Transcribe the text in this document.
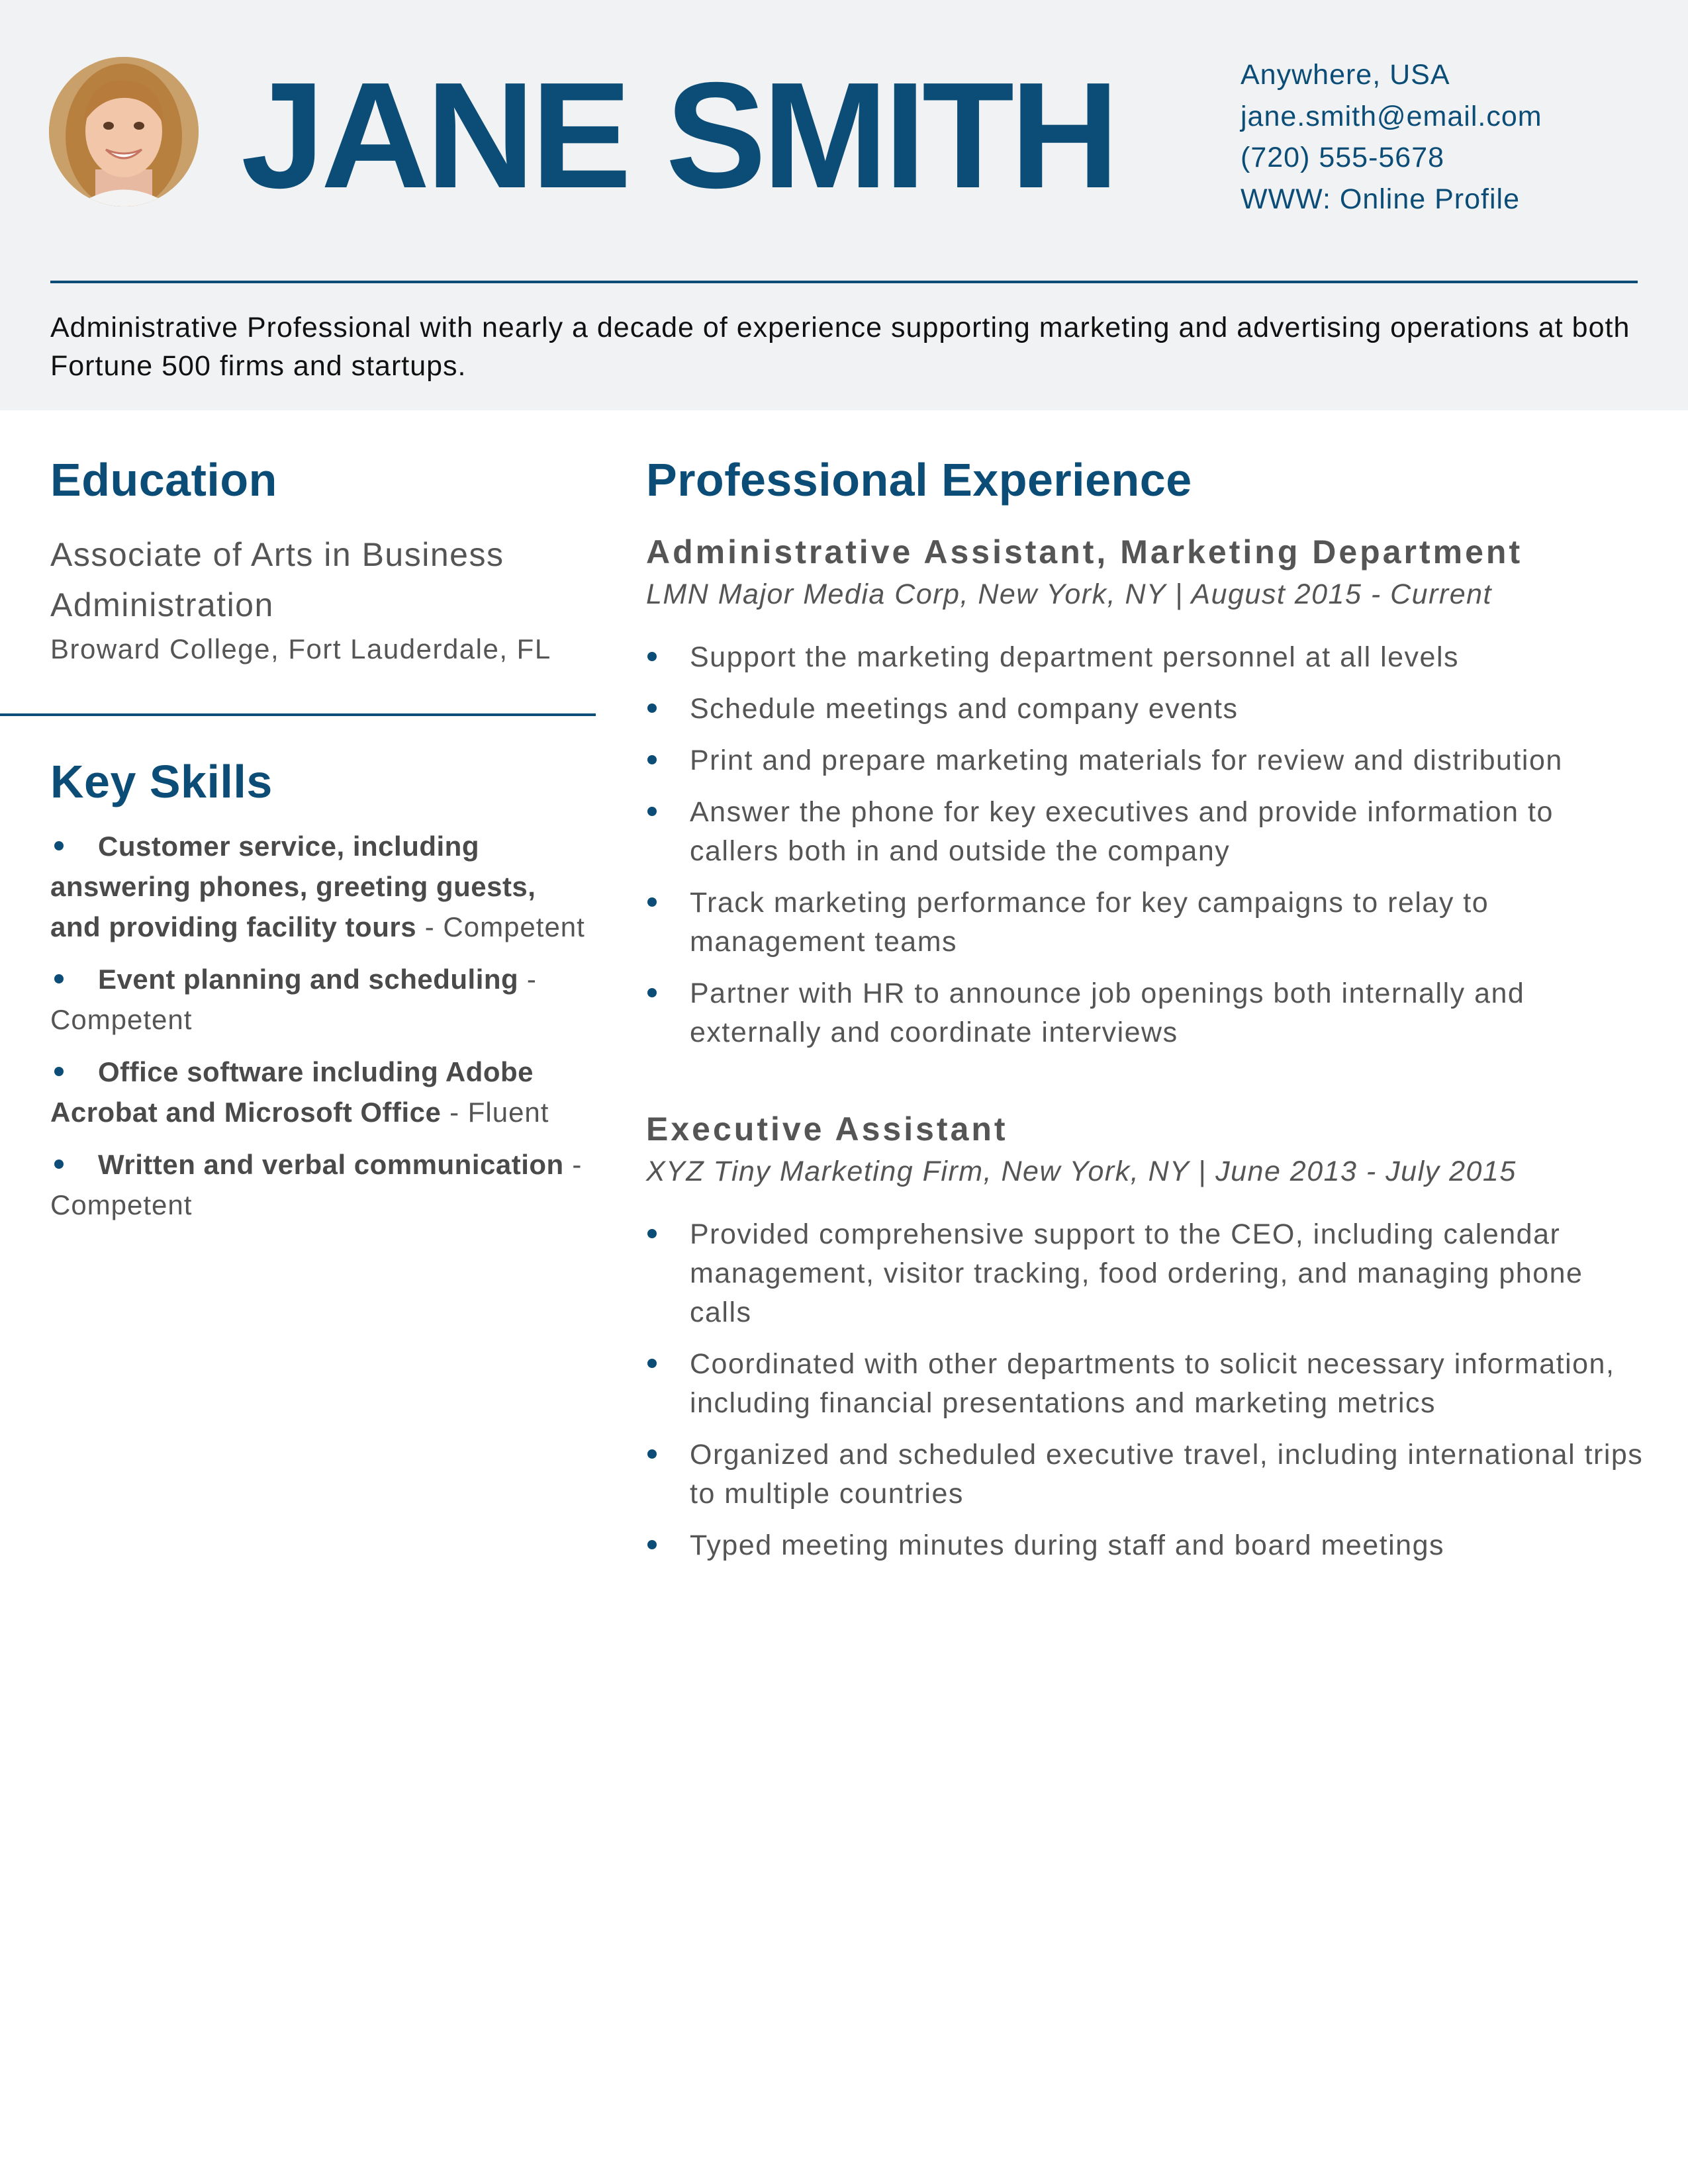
JANE SMITH	Anywhere, USA
jane.smith@email.com
(720) 555-5678
WWW: Online Profile
Administrative Professional with nearly a decade of experience supporting marketing and advertising operations at both Fortune 500 firms and startups.
Education
Associate of Arts in Business Administration
Broward College, Fort Lauderdale, FL
Key Skills
Customer service, including answering phones, greeting guests, and providing facility tours - Competent
Event planning and scheduling - Competent
Office software including Adobe Acrobat and Microsoft Office - Fluent
Written and verbal communication - Competent
Professional Experience
Administrative Assistant, Marketing Department
LMN Major Media Corp, New York, NY | August 2015 - Current
Support the marketing department personnel at all levels
Schedule meetings and company events
Print and prepare marketing materials for review and distribution
Answer the phone for key executives and provide information to callers both in and outside the company
Track marketing performance for key campaigns to relay to management teams
Partner with HR to announce job openings both internally and externally and coordinate interviews
Executive Assistant
XYZ Tiny Marketing Firm, New York, NY | June 2013 - July 2015
Provided comprehensive support to the CEO, including calendar management, visitor tracking, food ordering, and managing phone calls
Coordinated with other departments to solicit necessary information, including financial presentations and marketing metrics
Organized and scheduled executive travel, including international trips to multiple countries
Typed meeting minutes during staff and board meetings
